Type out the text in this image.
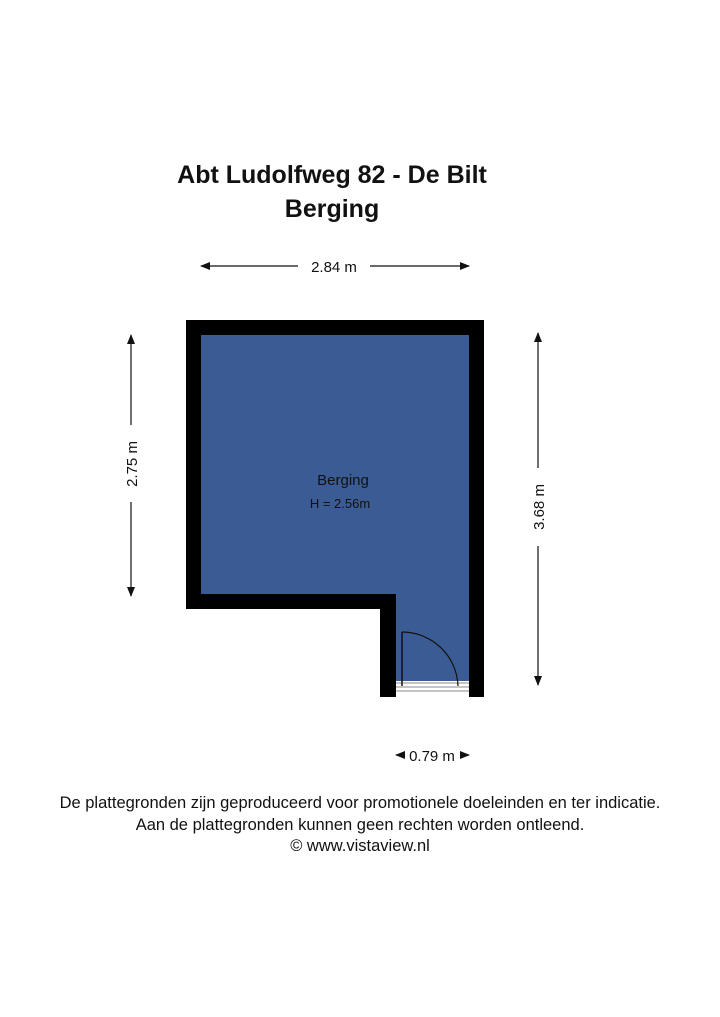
Abt Ludolfweg 82 - De Bilt
Berging
Berging
H = 2.56m
2.84 m
2.75 m
3.68 m
0.79 m
De plattegronden zijn geproduceerd voor promotionele doeleinden en ter indicatie.
Aan de plattegronden kunnen geen rechten worden ontleend.
© www.vistaview.nl
